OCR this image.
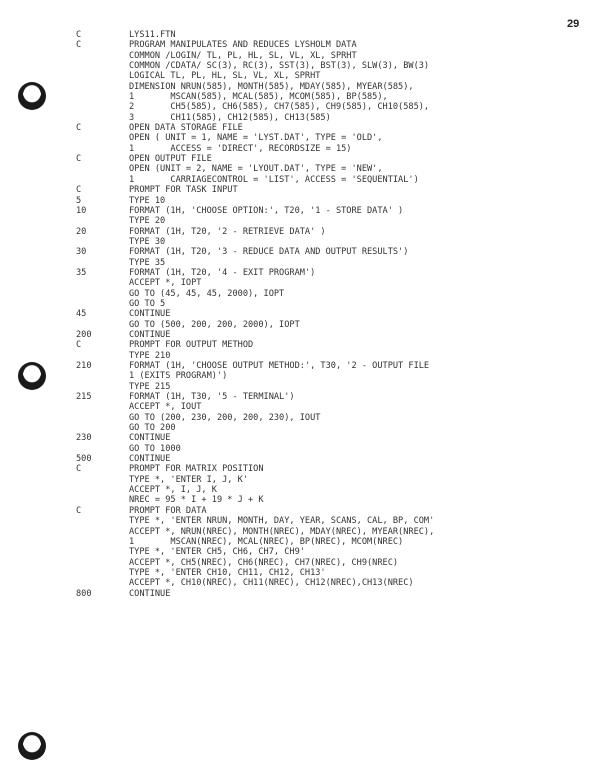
29
C	LYS11.FTN
C	PROGRAM MANIPULATES AND REDUCES LYSHOLM DATA
COMMON /LOGIN/ TL, PL, HL, SL, VL, XL, SPRHT
COMMON /CDATA/ SC(3), RC(3), SST(3), BST(3), SLW(3), BW(3)
LOGICAL TL, PL, HL, SL, VL, XL, SPRHT
DIMENSION NRUN(585), MONTH(585), MDAY(585), MYEAR(585),
1       MSCAN(585), MCAL(585), MCOM(585), BP(585),
2       CH5(585), CH6(585), CH7(585), CH9(585), CH10(585),
3       CH11(585), CH12(585), CH13(585)
C	OPEN DATA STORAGE FILE
OPEN ( UNIT = 1, NAME = 'LYST.DAT', TYPE = 'OLD',
1       ACCESS = 'DIRECT', RECORDSIZE = 15)
C	OPEN OUTPUT FILE
OPEN (UNIT = 2, NAME = 'LYOUT.DAT', TYPE = 'NEW',
1       CARRIAGECONTROL = 'LIST', ACCESS = 'SEQUENTIAL')
C	PROMPT FOR TASK INPUT
5	TYPE 10
10	FORMAT (1H, 'CHOOSE OPTION:', T20, '1 - STORE DATA' )
TYPE 20
20	FORMAT (1H, T20, '2 - RETRIEVE DATA' )
TYPE 30
30	FORMAT (1H, T20, '3 - REDUCE DATA AND OUTPUT RESULTS')
TYPE 35
35	FORMAT (1H, T20, '4 - EXIT PROGRAM')
ACCEPT *, IOPT
GO TO (45, 45, 45, 2000), IOPT
GO TO 5
45	CONTINUE
GO TO (500, 200, 200, 2000), IOPT
200	CONTINUE
C	PROMPT FOR OUTPUT METHOD
TYPE 210
210	FORMAT (1H, 'CHOOSE OUTPUT METHOD:', T30, '2 - OUTPUT FILE
1 (EXITS PROGRAM)')
TYPE 215
215	FORMAT (1H, T30, '5 - TERMINAL')
ACCEPT *, IOUT
GO TO (200, 230, 200, 200, 230), IOUT
GO TO 200
230	CONTINUE
GO TO 1000
500	CONTINUE
C	PROMPT FOR MATRIX POSITION
TYPE *, 'ENTER I, J, K'
ACCEPT *, I, J, K
NREC = 95 * I + 19 * J + K
C	PROMPT FOR DATA
TYPE *, 'ENTER NRUN, MONTH, DAY, YEAR, SCANS, CAL, BP, COM'
ACCEPT *, NRUN(NREC), MONTH(NREC), MDAY(NREC), MYEAR(NREC),
1       MSCAN(NREC), MCAL(NREC), BP(NREC), MCOM(NREC)
TYPE *, 'ENTER CH5, CH6, CH7, CH9'
ACCEPT *, CH5(NREC), CH6(NREC), CH7(NREC), CH9(NREC)
TYPE *, 'ENTER CH10, CH11, CH12, CH13'
ACCEPT *, CH10(NREC), CH11(NREC), CH12(NREC),CH13(NREC)
800	CONTINUE
